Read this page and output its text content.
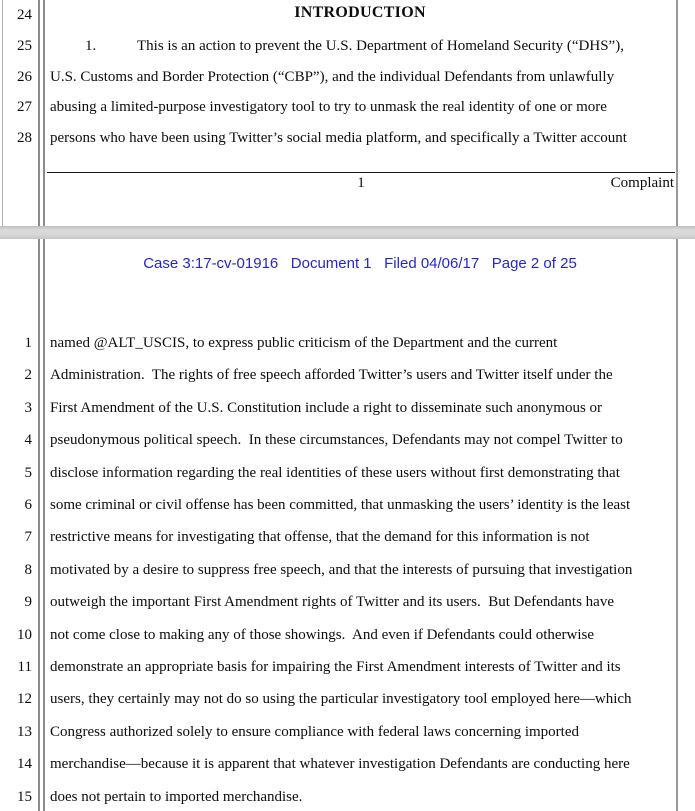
24	INTRODUCTION
25	1.	This is an action to prevent the U.S. Department of Homeland Security (“DHS”),
26 U.S. Customs and Border Protection (“CBP”), and the individual Defendants from unlawfully
27 abusing a limited-purpose investigatory tool to try to unmask the real identity of one or more
28 persons who have been using Twitter’s social media platform, and specifically a Twitter account
1	Complaint
Case 3:17-cv-01916   Document 1   Filed 04/06/17   Page 2 of 25
1 named @ALT_USCIS, to express public criticism of the Department and the current
2 Administration.  The rights of free speech afforded Twitter’s users and Twitter itself under the
3 First Amendment of the U.S. Constitution include a right to disseminate such anonymous or
4 pseudonymous political speech.  In these circumstances, Defendants may not compel Twitter to
5 disclose information regarding the real identities of these users without first demonstrating that
6 some criminal or civil offense has been committed, that unmasking the users’ identity is the least
7 restrictive means for investigating that offense, that the demand for this information is not
8 motivated by a desire to suppress free speech, and that the interests of pursuing that investigation
9 outweigh the important First Amendment rights of Twitter and its users.  But Defendants have
10 not come close to making any of those showings.  And even if Defendants could otherwise
11 demonstrate an appropriate basis for impairing the First Amendment interests of Twitter and its
12 users, they certainly may not do so using the particular investigatory tool employed here—which
13 Congress authorized solely to ensure compliance with federal laws concerning imported
14 merchandise—because it is apparent that whatever investigation Defendants are conducting here
15 does not pertain to imported merchandise.
